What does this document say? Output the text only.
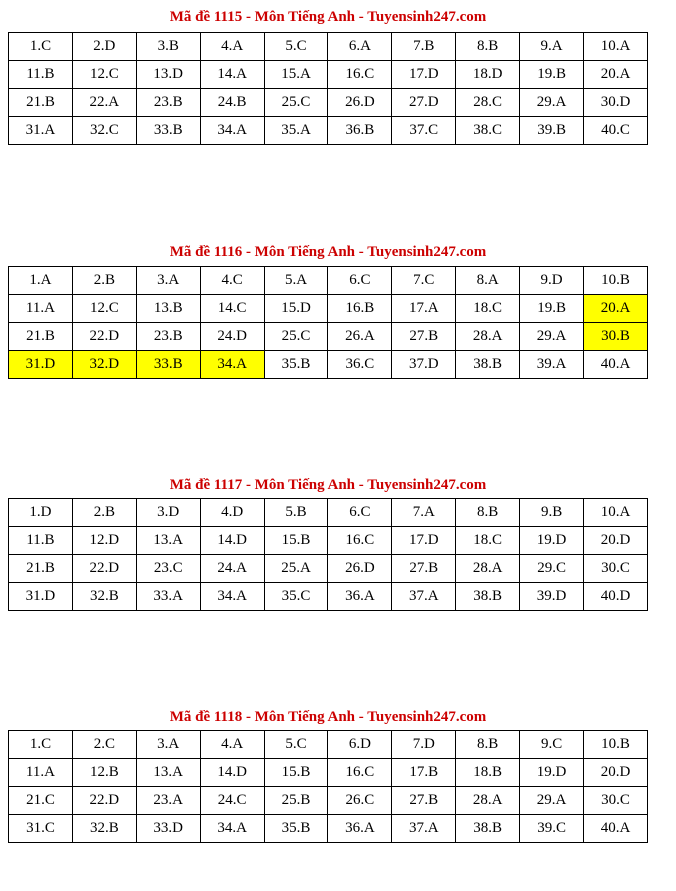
Mã đề 1115 - Môn Tiếng Anh - Tuyensinh247.com
1.C	2.D	3.B	4.A	5.C	6.A	7.B	8.B	9.A	10.A
11.B	12.C	13.D	14.A	15.A	16.C	17.D	18.D	19.B	20.A
21.B	22.A	23.B	24.B	25.C	26.D	27.D	28.C	29.A	30.D
31.A	32.C	33.B	34.A	35.A	36.B	37.C	38.C	39.B	40.C
Mã đề 1116 - Môn Tiếng Anh - Tuyensinh247.com
1.A	2.B	3.A	4.C	5.A	6.C	7.C	8.A	9.D	10.B
11.A	12.C	13.B	14.C	15.D	16.B	17.A	18.C	19.B	20.A
21.B	22.D	23.B	24.D	25.C	26.A	27.B	28.A	29.A	30.B
31.D	32.D	33.B	34.A	35.B	36.C	37.D	38.B	39.A	40.A
Mã đề 1117 - Môn Tiếng Anh - Tuyensinh247.com
1.D	2.B	3.D	4.D	5.B	6.C	7.A	8.B	9.B	10.A
11.B	12.D	13.A	14.D	15.B	16.C	17.D	18.C	19.D	20.D
21.B	22.D	23.C	24.A	25.A	26.D	27.B	28.A	29.C	30.C
31.D	32.B	33.A	34.A	35.C	36.A	37.A	38.B	39.D	40.D
Mã đề 1118 - Môn Tiếng Anh - Tuyensinh247.com
1.C	2.C	3.A	4.A	5.C	6.D	7.D	8.B	9.C	10.B
11.A	12.B	13.A	14.D	15.B	16.C	17.B	18.B	19.D	20.D
21.C	22.D	23.A	24.C	25.B	26.C	27.B	28.A	29.A	30.C
31.C	32.B	33.D	34.A	35.B	36.A	37.A	38.B	39.C	40.A
